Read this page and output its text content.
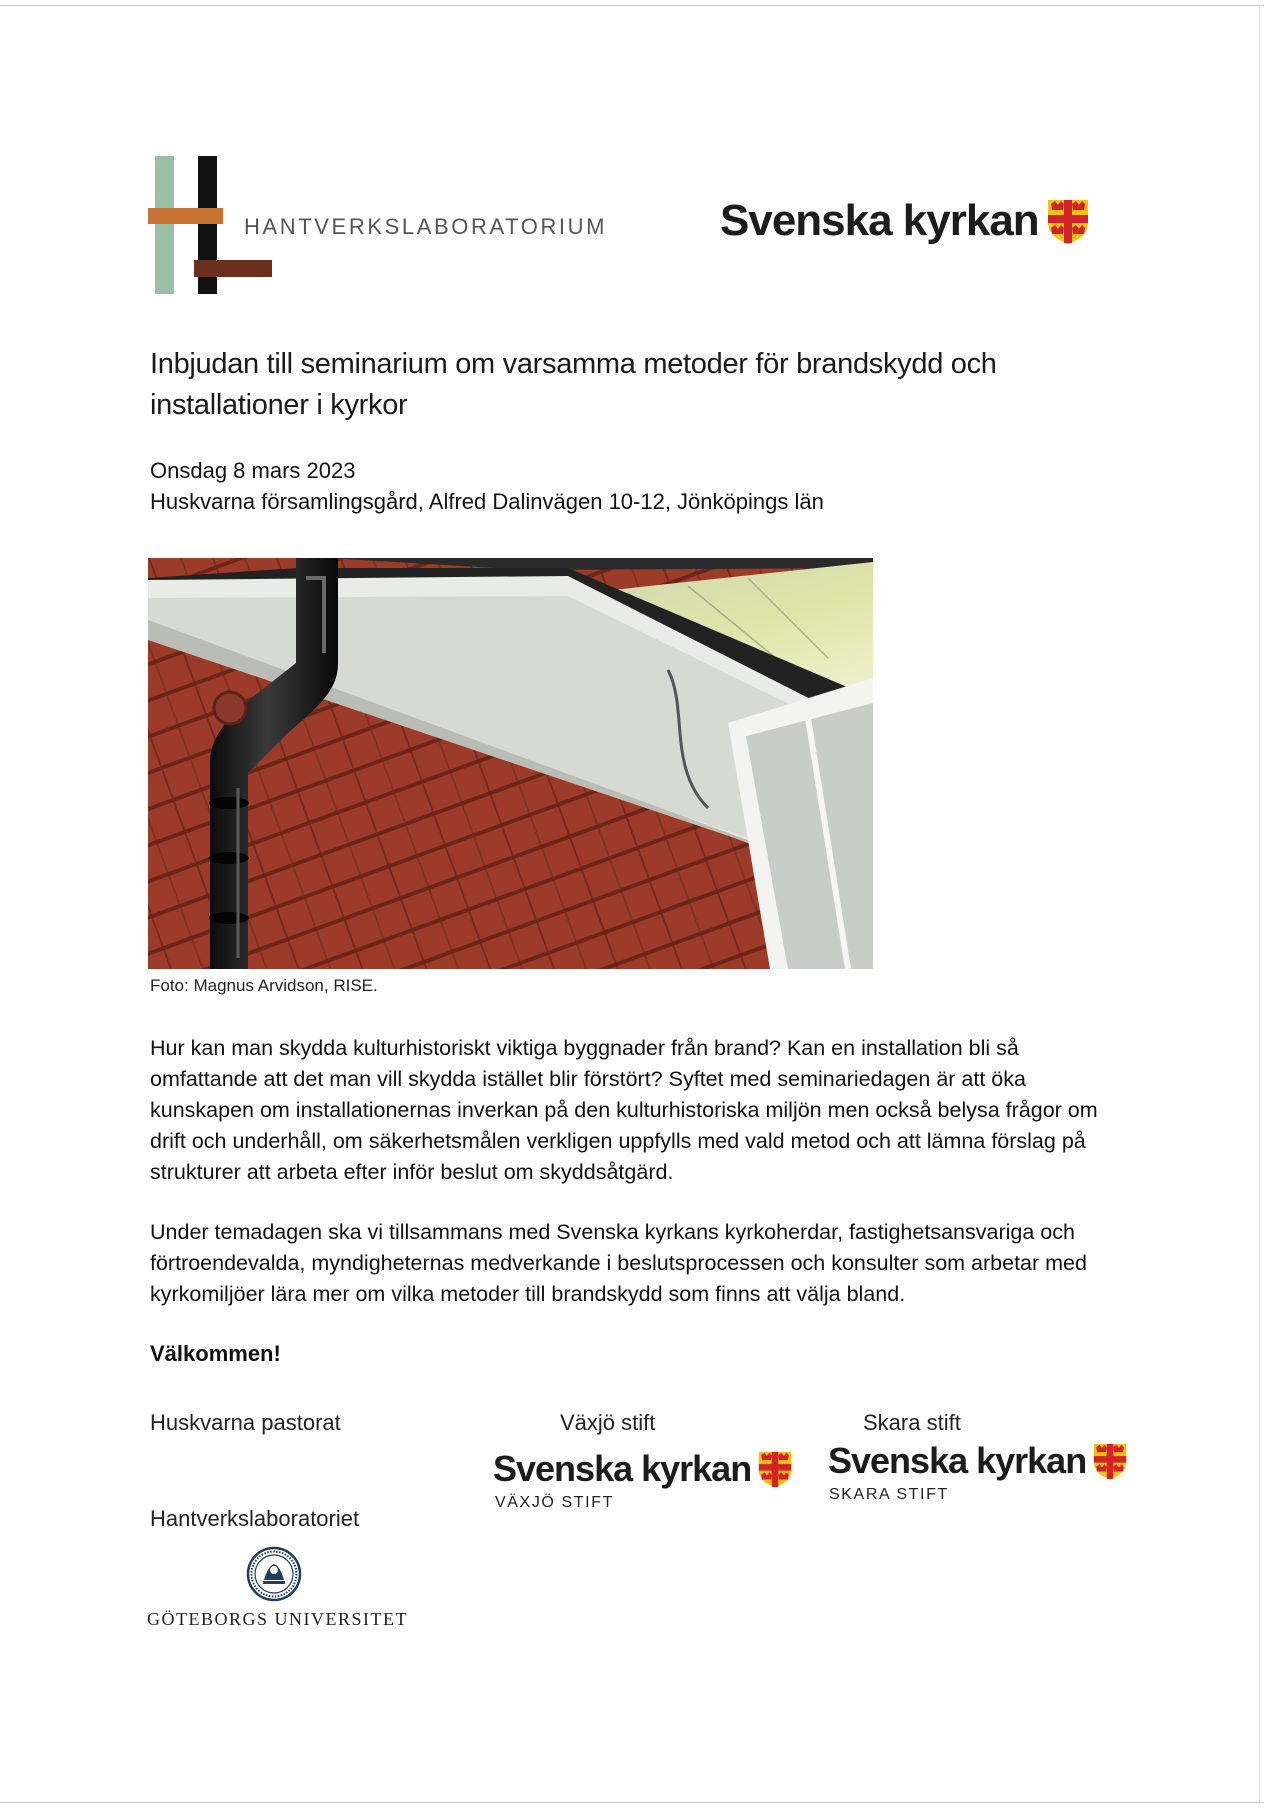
HANTVERKSLABORATORIUM	Svenska kyrkan
Inbjudan till seminarium om varsamma metoder för brandskydd och installationer i kyrkor
Onsdag 8 mars 2023
Huskvarna församlingsgård, Alfred Dalinvägen 10-12, Jönköpings län
Foto: Magnus Arvidson, RISE.
Hur kan man skydda kulturhistoriskt viktiga byggnader från brand? Kan en installation bli så omfattande att det man vill skydda istället blir förstört? Syftet med seminariedagen är att öka kunskapen om installationernas inverkan på den kulturhistoriska miljön men också belysa frågor om drift och underhåll, om säkerhetsmålen verkligen uppfylls med vald metod och att lämna förslag på strukturer att arbeta efter inför beslut om skyddsåtgärd.
Under temadagen ska vi tillsammans med Svenska kyrkans kyrkoherdar, fastighetsansvariga och förtroendevalda, myndigheternas medverkande i beslutsprocessen och konsulter som arbetar med kyrkomiljöer lära mer om vilka metoder till brandskydd som finns att välja bland.
Välkommen!
Huskvarna pastorat	Växjö stift	Skara stift
Svenska kyrkan
VÄXJÖ STIFT
Svenska kyrkan
SKARA STIFT
Hantverkslaboratoriet
GÖTEBORGS UNIVERSITET
